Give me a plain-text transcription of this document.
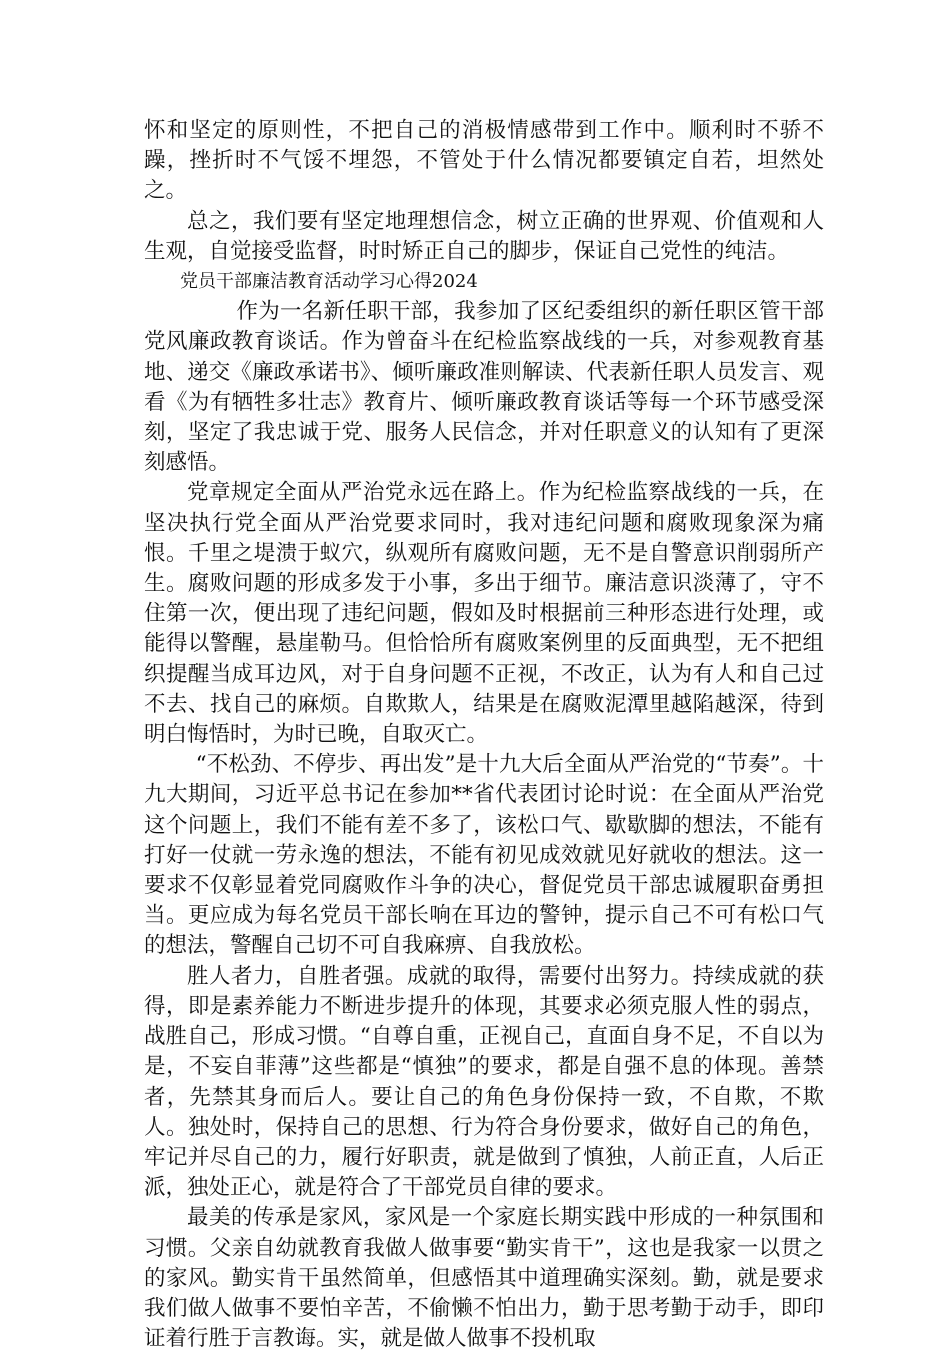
怀和坚定的原则性，不把自己的消极情感带到工作中。顺利时不骄不躁，挫折时不气馁不埋怨，不管处于什么情况都要镇定自若，坦然处之。

总之，我们要有坚定地理想信念，树立正确的世界观、价值观和人生观，自觉接受监督，时时矫正自己的脚步，保证自己党性的纯洁。

党员干部廉洁教育活动学习心得2024

作为一名新任职干部，我参加了区纪委组织的新任职区管干部党风廉政教育谈话。作为曾奋斗在纪检监察战线的一兵，对参观教育基地、递交《廉政承诺书》、倾听廉政准则解读、代表新任职人员发言、观看《为有牺牲多壮志》教育片、倾听廉政教育谈话等每一个环节感受深刻，坚定了我忠诚于党、服务人民信念，并对任职意义的认知有了更深刻感悟。

党章规定全面从严治党永远在路上。作为纪检监察战线的一兵，在坚决执行党全面从严治党要求同时，我对违纪问题和腐败现象深为痛恨。千里之堤溃于蚁穴，纵观所有腐败问题，无不是自警意识削弱所产生。腐败问题的形成多发于小事，多出于细节。廉洁意识淡薄了，守不住第一次，便出现了违纪问题，假如及时根据前三种形态进行处理，或能得以警醒，悬崖勒马。但恰恰所有腐败案例里的反面典型，无不把组织提醒当成耳边风，对于自身问题不正视，不改正，认为有人和自己过不去、找自己的麻烦。自欺欺人，结果是在腐败泥潭里越陷越深，待到明白悔悟时，为时已晚，自取灭亡。

“不松劲、不停步、再出发”是十九大后全面从严治党的“节奏”。十九大期间，习近平总书记在参加**省代表团讨论时说：在全面从严治党这个问题上，我们不能有差不多了，该松口气、歇歇脚的想法，不能有打好一仗就一劳永逸的想法，不能有初见成效就见好就收的想法。这一要求不仅彰显着党同腐败作斗争的决心，督促党员干部忠诚履职奋勇担当。更应成为每名党员干部长响在耳边的警钟，提示自己不可有松口气的想法，警醒自己切不可自我麻痹、自我放松。

胜人者力，自胜者强。成就的取得，需要付出努力。持续成就的获得，即是素养能力不断进步提升的体现，其要求必须克服人性的弱点，战胜自己，形成习惯。“自尊自重，正视自己，直面自身不足，不自以为是，不妄自菲薄”这些都是“慎独”的要求，都是自强不息的体现。善禁者，先禁其身而后人。要让自己的角色身份保持一致，不自欺，不欺人。独处时，保持自己的思想、行为符合身份要求，做好自己的角色，牢记并尽自己的力，履行好职责，就是做到了慎独，人前正直，人后正派，独处正心，就是符合了干部党员自律的要求。

最美的传承是家风，家风是一个家庭长期实践中形成的一种氛围和习惯。父亲自幼就教育我做人做事要“勤实肯干”，这也是我家一以贯之的家风。勤实肯干虽然简单，但感悟其中道理确实深刻。勤，就是要求我们做人做事不要怕辛苦，不偷懒不怕出力，勤于思考勤于动手，即印证着行胜于言教诲。实，就是做人做事不投机取
